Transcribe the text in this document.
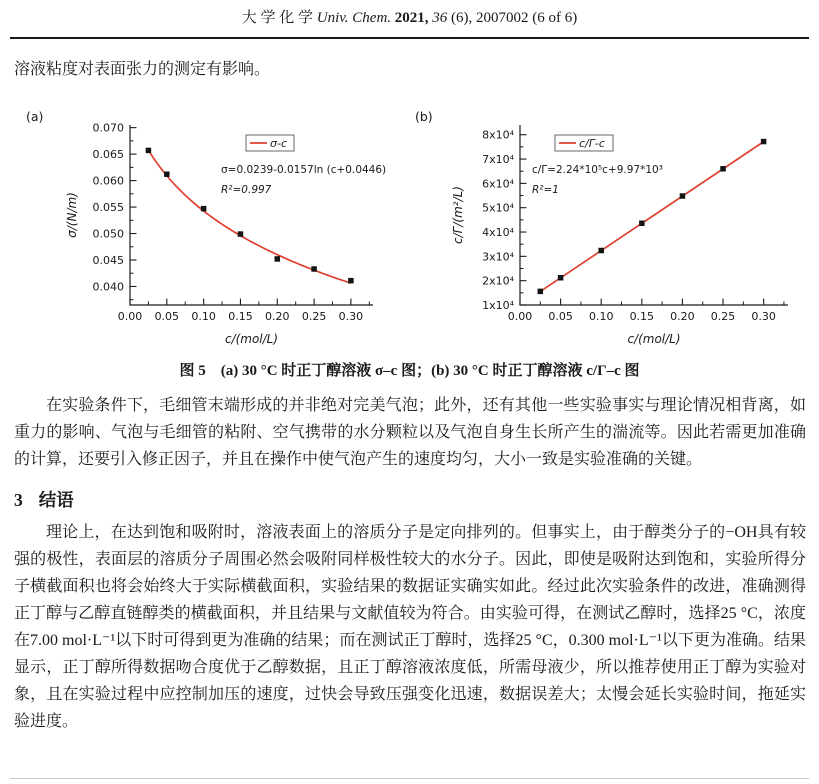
大 学 化 学 Univ. Chem. 2021, 36 (6), 2007002 (6 of 6)

溶液粘度对表面张力的测定有影响。

0.00 0.05 0.10 0.15 0.20 0.25 0.30
0.040
0.045
0.050
0.055
0.060
0.065
0.070
c/(mol/L)
σ/(N/m)
σ-c
σ=0.0239-0.0157ln (c+0.0446)
R²=0.997
(a)
0.00 0.05 0.10 0.15 0.20 0.25 0.30
1x10⁴
2x10⁴
3x10⁴
4x10⁴
5x10⁴
6x10⁴
7x10⁴
8x10⁴
c/(mol/L)
c/Γ/(m²/L)
c/Γ-c
c/Γ=2.24*10⁵c+9.97*10³
R²=1
(b)
图 5　(a) 30 °C 时正丁醇溶液 σ–c 图；(b) 30 °C 时正丁醇溶液 c/Γ–c 图

在实验条件下，毛细管末端形成的并非绝对完美气泡；此外，还有其他一些实验事实与理论情况相背离，如重力的影响、气泡与毛细管的粘附、空气携带的水分颗粒以及气泡自身生长所产生的湍流等。因此若需更加准确的计算，还要引入修正因子，并且在操作中使气泡产生的速度均匀，大小一致是实验准确的关键。

3 结语

理论上，在达到饱和吸附时，溶液表面上的溶质分子是定向排列的。但事实上，由于醇类分子的−OH具有较强的极性，表面层的溶质分子周围必然会吸附同样极性较大的水分子。因此，即使是吸附达到饱和，实验所得分子横截面积也将会始终大于实际横截面积，实验结果的数据证实确实如此。经过此次实验条件的改进，准确测得正丁醇与乙醇直链醇类的横截面积，并且结果与文献值较为符合。由实验可得，在测试乙醇时，选择25 °C，浓度在7.00 mol·L⁻¹以下时可得到更为准确的结果；而在测试正丁醇时，选择25 °C，0.300 mol·L⁻¹以下更为准确。结果显示，正丁醇所得数据吻合度优于乙醇数据，且正丁醇溶液浓度低，所需母液少，所以推荐使用正丁醇为实验对象，且在实验过程中应控制加压的速度，过快会导致压强变化迅速，数据误差大；太慢会延长实验时间，拖延实验进度。
